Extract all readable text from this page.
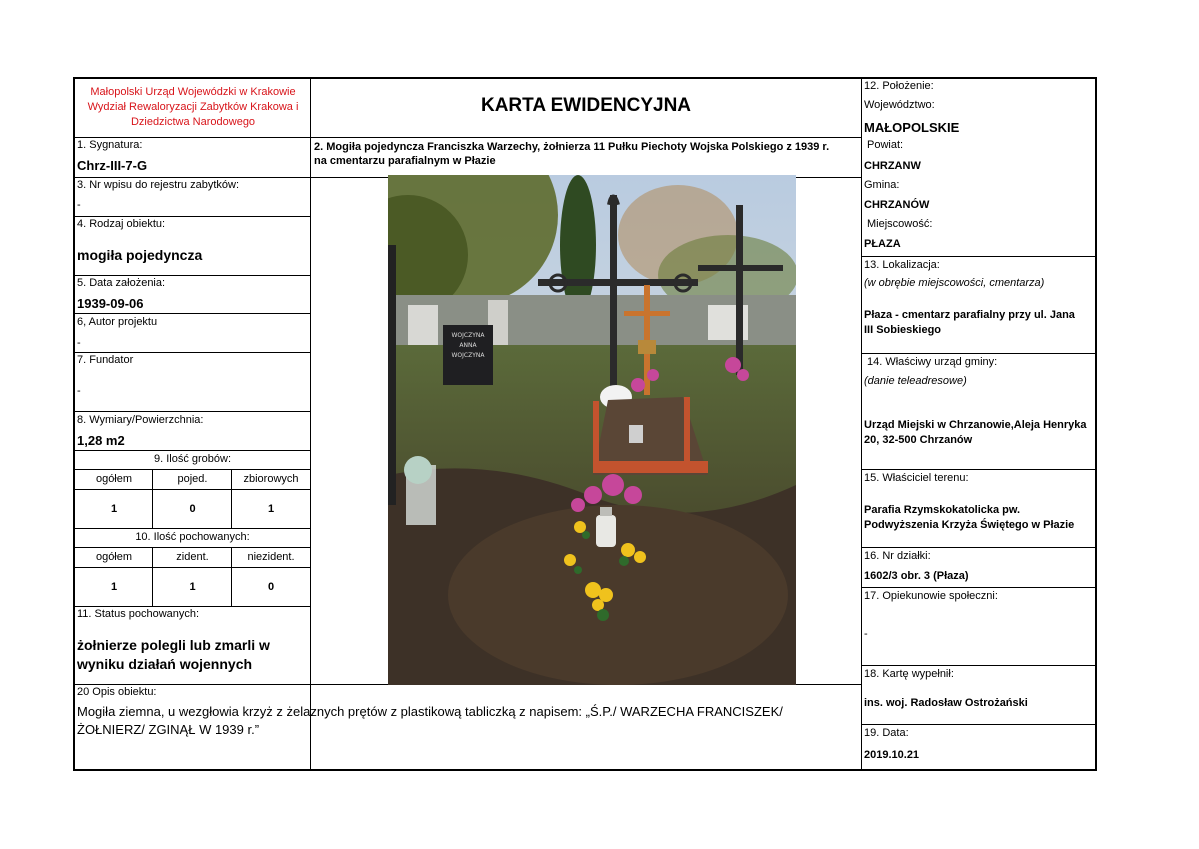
Małopolski Urząd Wojewódzki w Krakowie
Wydział Rewaloryzacji Zabytków Krakowa i
Dziedzictwa Narodowego
KARTA EWIDENCYJNA
2. Mogiła pojedyncza Franciszka Warzechy, żołnierza 11 Pułku Piechoty Wojska Polskiego z 1939 r.
na cmentarzu parafialnym w Płazie
1. Sygnatura:
Chrz-III-7-G
3. Nr wpisu do rejestru zabytków:
-
4. Rodzaj obiektu:
mogiła pojedyncza
5. Data założenia:
1939-09-06
6, Autor projektu
-
7. Fundator
-
8. Wymiary/Powierzchnia:
1,28 m2
9. Ilość grobów:
ogółem	pojed.	zbiorowych
1	0	1
10. Ilość pochowanych:
ogółem	zident.	niezident.
1	1	0
11. Status pochowanych:
żołnierze polegli lub zmarli w
wyniku działań wojennych
20 Opis obiektu:
Mogiła ziemna, u wezgłowia krzyż z żelaznych prętów z plastikową tabliczką z napisem: „Ś.P./ WARZECHA FRANCISZEK/
ŻOŁNIERZ/ ZGINĄŁ W 1939 r.”
12. Położenie:
Województwo:
MAŁOPOLSKIE
Powiat:
CHRZANW
Gmina:
CHRZANÓW
Miejscowość:
PŁAZA
13. Lokalizacja:
(w obrębie miejscowości, cmentarza)
Płaza - cmentarz parafialny przy ul. Jana
III Sobieskiego
14. Właściwy urząd gminy:
(danie teleadresowe)
Urząd Miejski w Chrzanowie,Aleja Henryka
20, 32-500 Chrzanów
15. Właściciel terenu:
Parafia Rzymskokatolicka pw.
Podwyższenia Krzyża Świętego w Płazie
16. Nr działki:
1602/3 obr. 3 (Płaza)
17. Opiekunowie społeczni:
-
18. Kartę wypełnił:
ins. woj. Radosław Ostrożański
19. Data:
2019.10.21
WOJCZYNA
ANNA
WOJCZYNA
